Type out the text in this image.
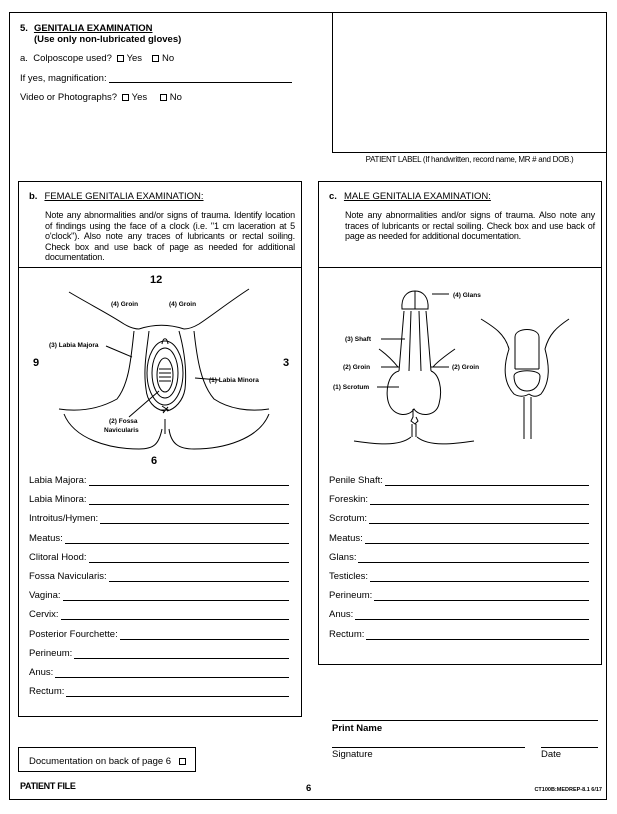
5. GENITALIA EXAMINATION
(Use only non-lubricated gloves)
a. Colposcope used? Yes No
If yes, magnification:
Video or Photographs? Yes No
PATIENT LABEL (If handwritten, record name, MR # and DOB.)
b. FEMALE GENITALIA EXAMINATION:
Note any abnormalities and/or signs of trauma. Identify location of findings using the face of a clock (i.e. "1 cm laceration at 5 o'clock"). Also note any traces of lubricants or rectal soiling. Check box and use back of page as needed for additional documentation.
12
9	3
6
(4) Groin	(4) Groin
(3) Labia Majora
(1) Labia Minora
(2) Fossa
Navicularis
Labia Majora:
Labia Minora:
Introitus/Hymen:
Meatus:
Clitoral Hood:
Fossa Navicularis:
Vagina:
Cervix:
Posterior Fourchette:
Perineum:
Anus:
Rectum:
c. MALE GENITALIA EXAMINATION:
Note any abnormalities and/or signs of trauma. Also note any traces of lubricants or rectal soiling. Check box and use back of page as needed for additional documentation.
(4) Glans
(3) Shaft
(2) Groin	(2) Groin
(1) Scrotum
Penile Shaft:
Foreskin:
Scrotum:
Meatus:
Glans:
Testicles:
Perineum:
Anus:
Rectum:
Print Name
Signature	Date
Documentation on back of page 6
PATIENT FILE	6	CT100B:MEDREP-8.1 6/17
